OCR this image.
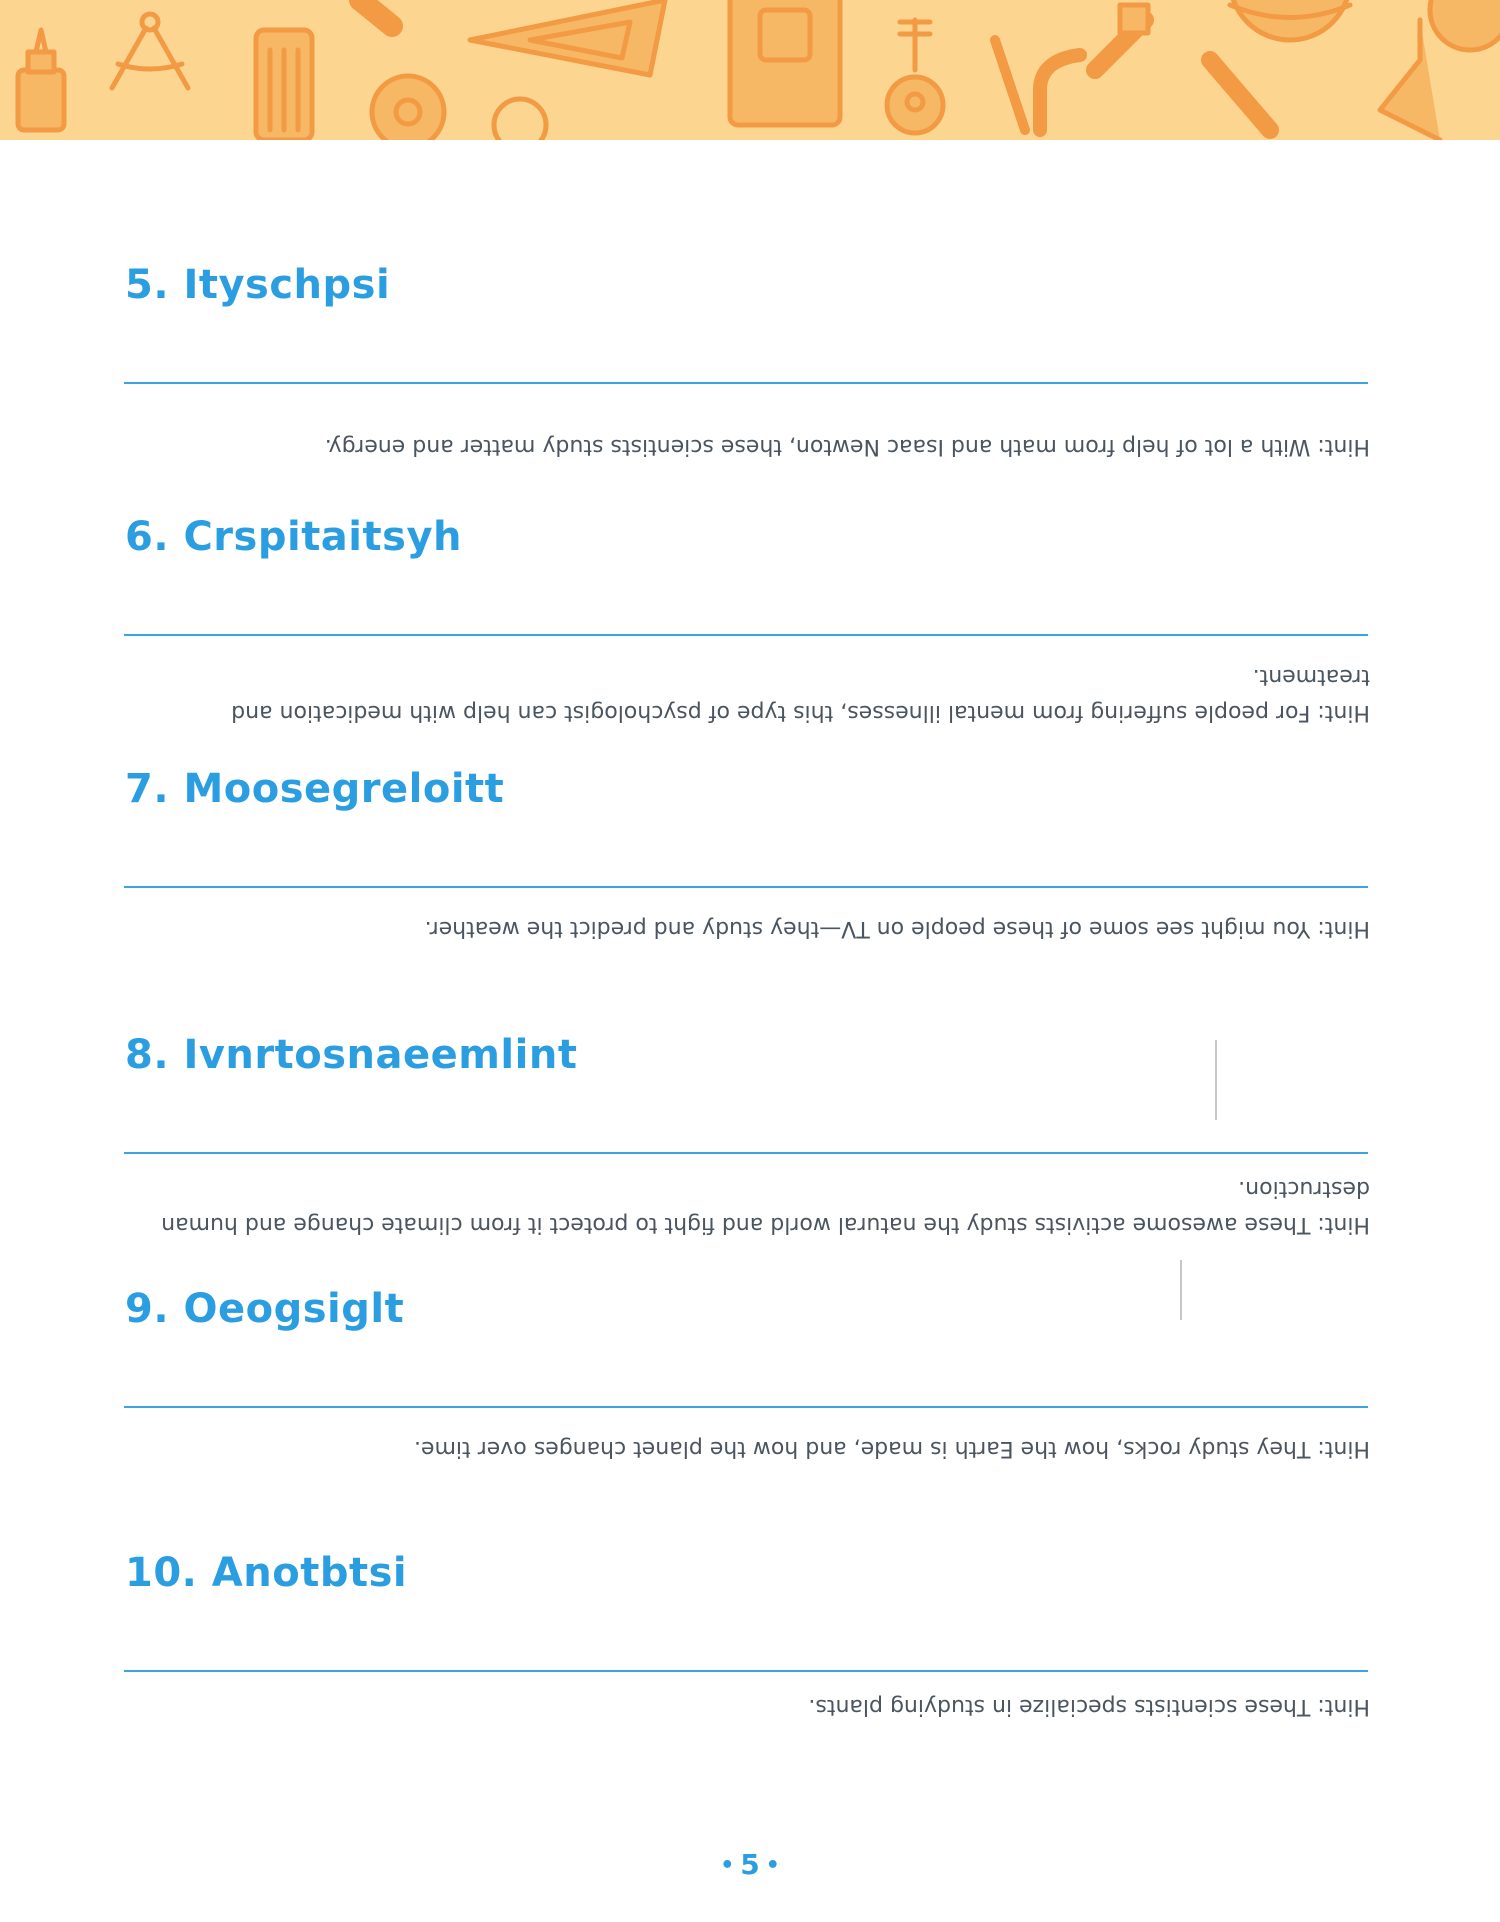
5. Ityschpsi
Hint: With a lot of help from math and Isaac Newton, these scientists study matter and energy.
6. Crspitaitsyh
Hint: For people suffering from mental illnesses, this type of psychologist can help with medication and treatment.
7. Moosegreloitt
Hint: You might see some of these people on TV—they study and predict the weather.
8. Ivnrtosnaeemlint
Hint: These awesome activists study the natural world and fight to protect it from climate change and human destruction.
9. Oeogsiglt
Hint: They study rocks, how the Earth is made, and how the planet changes over time.
10. Anotbtsi
Hint: These scientists specialize in studying plants.
• 5 •
